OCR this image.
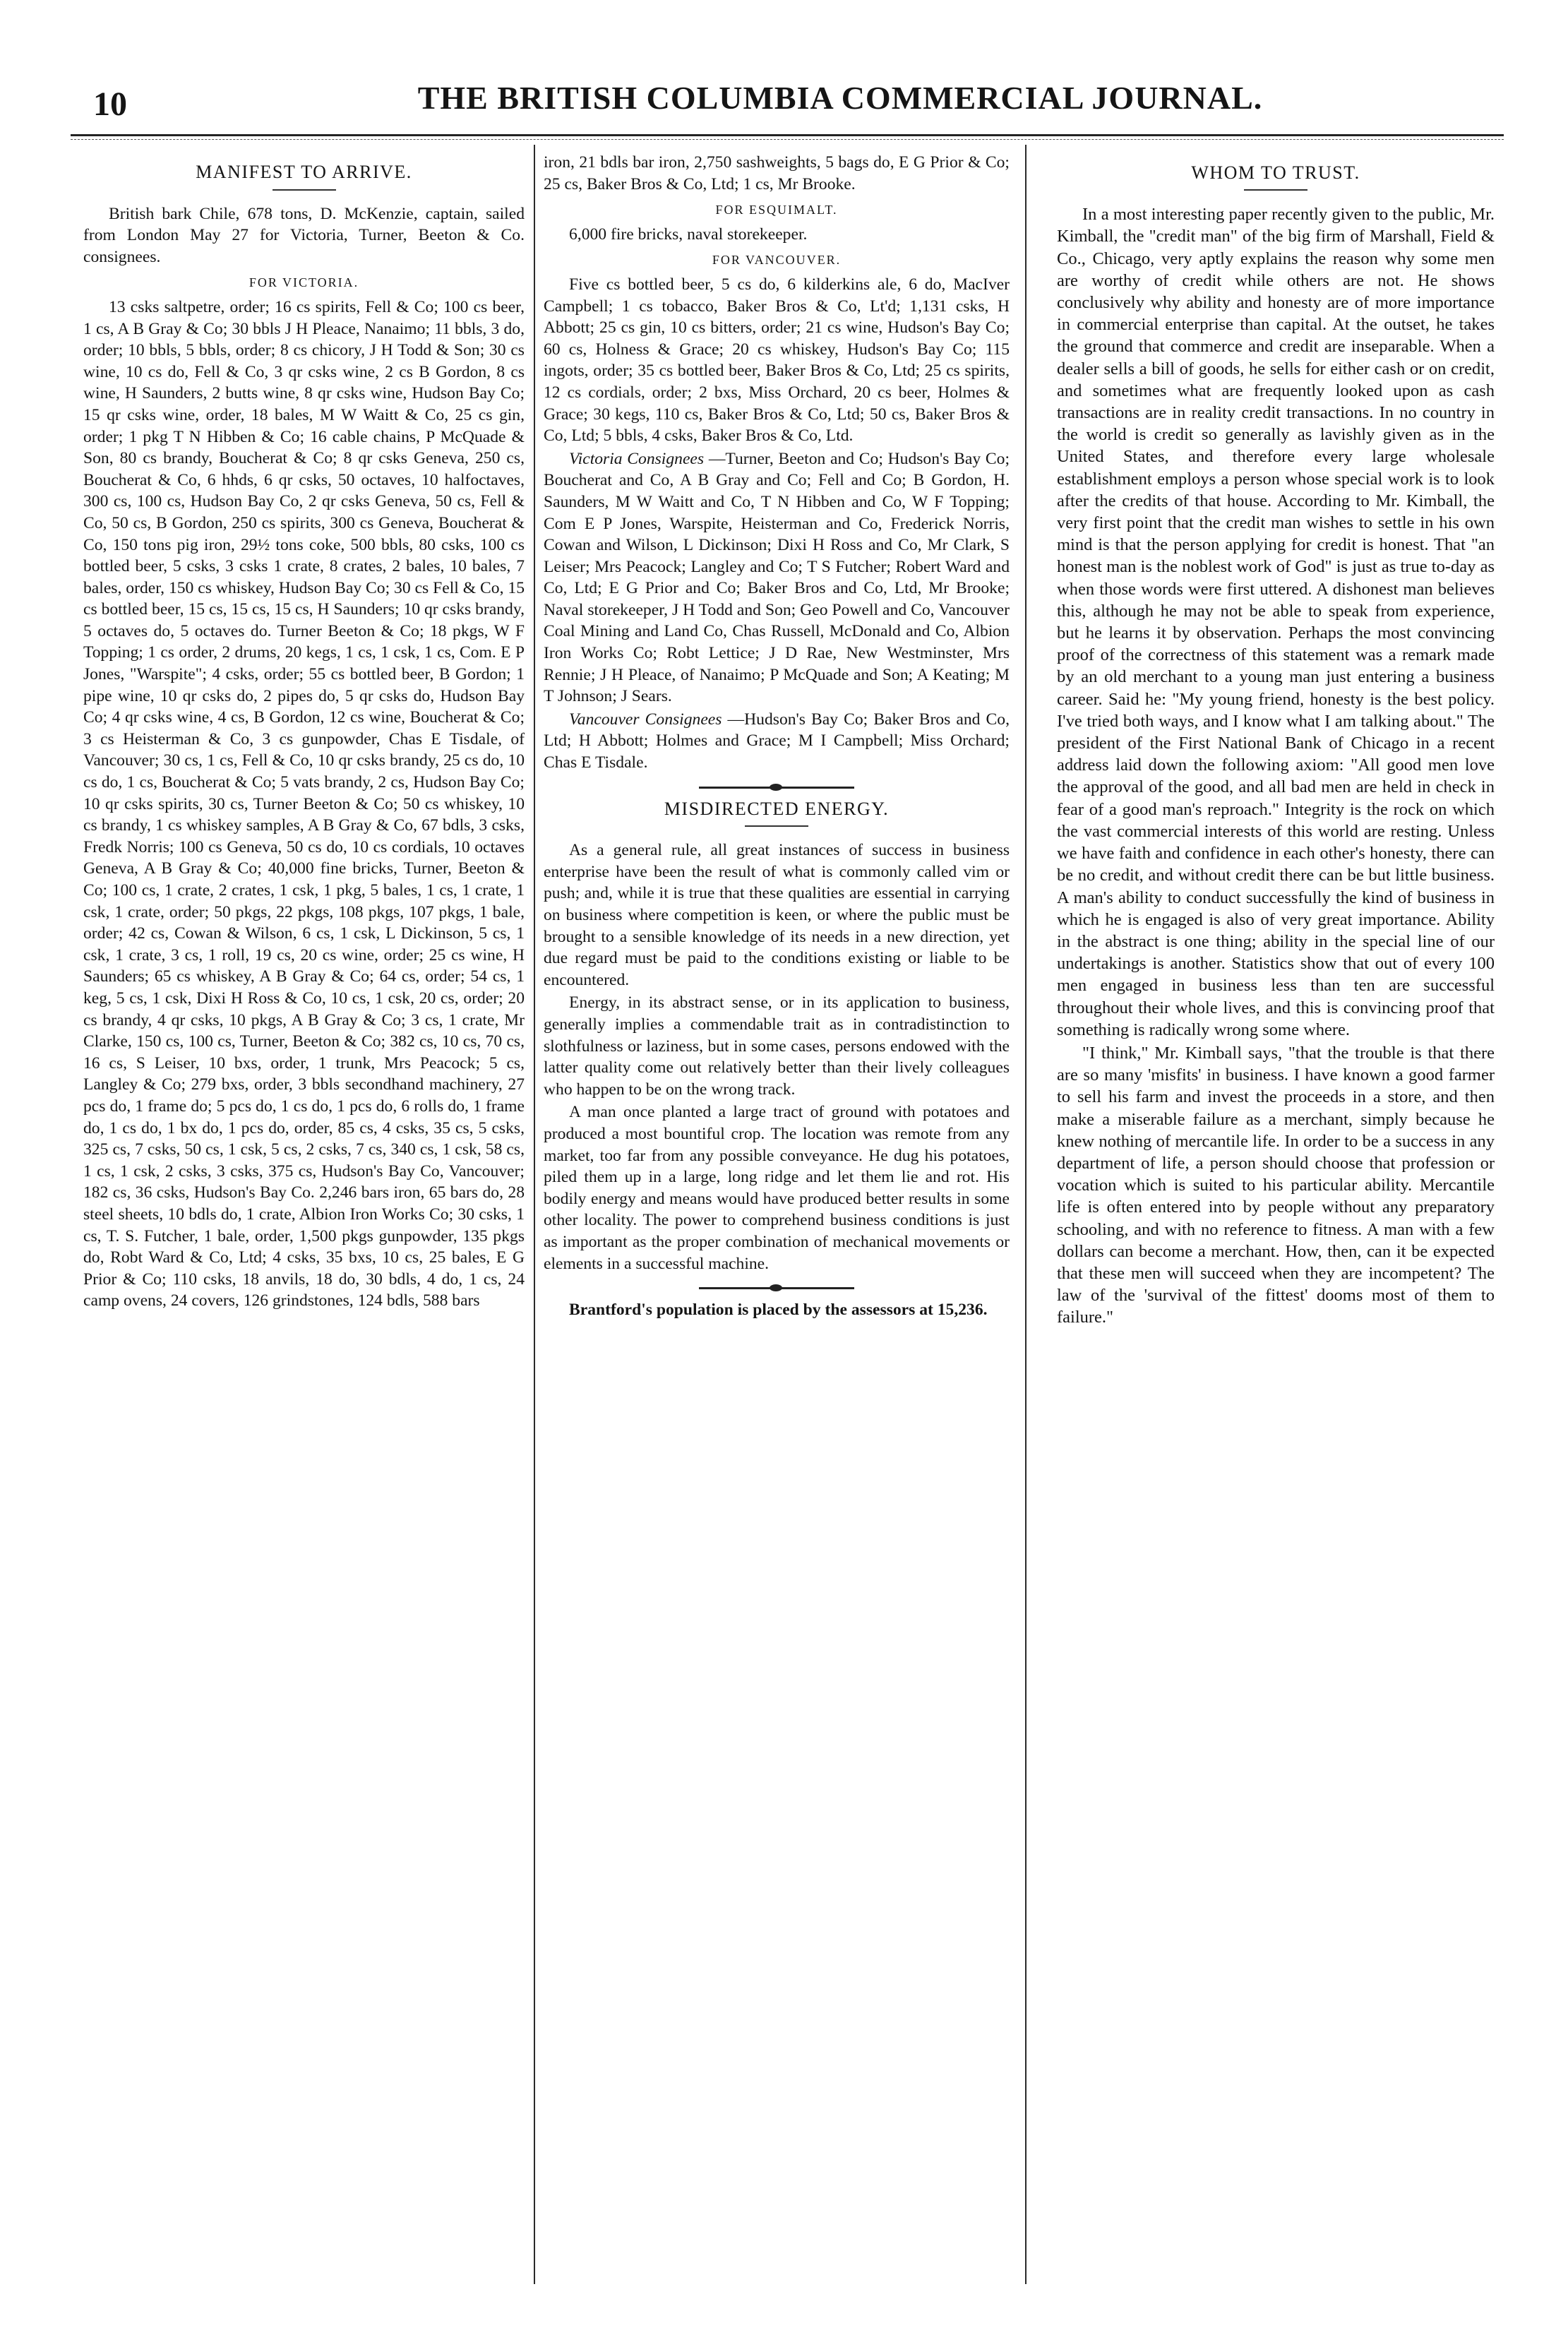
10	THE BRITISH COLUMBIA COMMERCIAL JOURNAL.
MANIFEST TO ARRIVE.

British bark Chile, 678 tons, D. McKenzie, captain, sailed from London May 27 for Victoria, Turner, Beeton & Co. consignees.

FOR VICTORIA.

13 csks saltpetre, order; 16 cs spirits, Fell & Co; 100 cs beer, 1 cs, A B Gray & Co; 30 bbls J H Pleace, Nanaimo; 11 bbls, 3 do, order; 10 bbls, 5 bbls, order; 8 cs chicory, J H Todd & Son; 30 cs wine, 10 cs do, Fell & Co, 3 qr csks wine, 2 cs B Gordon, 8 cs wine, H Saunders, 2 butts wine, 8 qr csks wine, Hudson Bay Co; 15 qr csks wine, order, 18 bales, M W Waitt & Co, 25 cs gin, order; 1 pkg T N Hibben & Co; 16 cable chains, P McQuade & Son, 80 cs brandy, Boucherat & Co; 8 qr csks Geneva, 250 cs, Boucherat & Co, 6 hhds, 6 qr csks, 50 octaves, 10 halfoctaves, 300 cs, 100 cs, Hudson Bay Co, 2 qr csks Geneva, 50 cs, Fell & Co, 50 cs, B Gordon, 250 cs spirits, 300 cs Geneva, Boucherat & Co, 150 tons pig iron, 29½ tons coke, 500 bbls, 80 csks, 100 cs bottled beer, 5 csks, 3 csks 1 crate, 8 crates, 2 bales, 10 bales, 7 bales, order, 150 cs whiskey, Hudson Bay Co; 30 cs Fell & Co, 15 cs bottled beer, 15 cs, 15 cs, 15 cs, H Saunders; 10 qr csks brandy, 5 octaves do, 5 octaves do. Turner Beeton & Co; 18 pkgs, W F Topping; 1 cs order, 2 drums, 20 kegs, 1 cs, 1 csk, 1 cs, Com. E P Jones, "Warspite"; 4 csks, order; 55 cs bottled beer, B Gordon; 1 pipe wine, 10 qr csks do, 2 pipes do, 5 qr csks do, Hudson Bay Co; 4 qr csks wine, 4 cs, B Gordon, 12 cs wine, Boucherat & Co; 3 cs Heisterman & Co, 3 cs gunpowder, Chas E Tisdale, of Vancouver; 30 cs, 1 cs, Fell & Co, 10 qr csks brandy, 25 cs do, 10 cs do, 1 cs, Boucherat & Co; 5 vats brandy, 2 cs, Hudson Bay Co; 10 qr csks spirits, 30 cs, Turner Beeton & Co; 50 cs whiskey, 10 cs brandy, 1 cs whiskey samples, A B Gray & Co, 67 bdls, 3 csks, Fredk Norris; 100 cs Geneva, 50 cs do, 10 cs cordials, 10 octaves Geneva, A B Gray & Co; 40,000 fine bricks, Turner, Beeton & Co; 100 cs, 1 crate, 2 crates, 1 csk, 1 pkg, 5 bales, 1 cs, 1 crate, 1 csk, 1 crate, order; 50 pkgs, 22 pkgs, 108 pkgs, 107 pkgs, 1 bale, order; 42 cs, Cowan & Wilson, 6 cs, 1 csk, L Dickinson, 5 cs, 1 csk, 1 crate, 3 cs, 1 roll, 19 cs, 20 cs wine, order; 25 cs wine, H Saunders; 65 cs whiskey, A B Gray & Co; 64 cs, order; 54 cs, 1 keg, 5 cs, 1 csk, Dixi H Ross & Co, 10 cs, 1 csk, 20 cs, order; 20 cs brandy, 4 qr csks, 10 pkgs, A B Gray & Co; 3 cs, 1 crate, Mr Clarke, 150 cs, 100 cs, Turner, Beeton & Co; 382 cs, 10 cs, 70 cs, 16 cs, S Leiser, 10 bxs, order, 1 trunk, Mrs Peacock; 5 cs, Langley & Co; 279 bxs, order, 3 bbls secondhand machinery, 27 pcs do, 1 frame do; 5 pcs do, 1 cs do, 1 pcs do, 6 rolls do, 1 frame do, 1 cs do, 1 bx do, 1 pcs do, order, 85 cs, 4 csks, 35 cs, 5 csks, 325 cs, 7 csks, 50 cs, 1 csk, 5 cs, 2 csks, 7 cs, 340 cs, 1 csk, 58 cs, 1 cs, 1 csk, 2 csks, 3 csks, 375 cs, Hudson's Bay Co, Vancouver; 182 cs, 36 csks, Hudson's Bay Co. 2,246 bars iron, 65 bars do, 28 steel sheets, 10 bdls do, 1 crate, Albion Iron Works Co; 30 csks, 1 cs, T. S. Futcher, 1 bale, order, 1,500 pkgs gunpowder, 135 pkgs do, Robt Ward & Co, Ltd; 4 csks, 35 bxs, 10 cs, 25 bales, E G Prior & Co; 110 csks, 18 anvils, 18 do, 30 bdls, 4 do, 1 cs, 24 camp ovens, 24 covers, 126 grindstones, 124 bdls, 588 bars

iron, 21 bdls bar iron, 2,750 sashweights, 5 bags do, E G Prior & Co; 25 cs, Baker Bros & Co, Ltd; 1 cs, Mr Brooke.

FOR ESQUIMALT.

6,000 fire bricks, naval storekeeper.

FOR VANCOUVER.

Five cs bottled beer, 5 cs do, 6 kilderkins ale, 6 do, MacIver Campbell; 1 cs tobacco, Baker Bros & Co, Lt'd; 1,131 csks, H Abbott; 25 cs gin, 10 cs bitters, order; 21 cs wine, Hudson's Bay Co; 60 cs, Holness & Grace; 20 cs whiskey, Hudson's Bay Co; 115 ingots, order; 35 cs bottled beer, Baker Bros & Co, Ltd; 25 cs spirits, 12 cs cordials, order; 2 bxs, Miss Orchard, 20 cs beer, Holmes & Grace; 30 kegs, 110 cs, Baker Bros & Co, Ltd; 50 cs, Baker Bros & Co, Ltd; 5 bbls, 4 csks, Baker Bros & Co, Ltd.

Victoria Consignees —Turner, Beeton and Co; Hudson's Bay Co; Boucherat and Co, A B Gray and Co; Fell and Co; B Gordon, H. Saunders, M W Waitt and Co, T N Hibben and Co, W F Topping; Com E P Jones, Warspite, Heisterman and Co, Frederick Norris, Cowan and Wilson, L Dickinson; Dixi H Ross and Co, Mr Clark, S Leiser; Mrs Peacock; Langley and Co; T S Futcher; Robert Ward and Co, Ltd; E G Prior and Co; Baker Bros and Co, Ltd, Mr Brooke; Naval storekeeper, J H Todd and Son; Geo Powell and Co, Vancouver Coal Mining and Land Co, Chas Russell, McDonald and Co, Albion Iron Works Co; Robt Lettice; J D Rae, New Westminster, Mrs Rennie; J H Pleace, of Nanaimo; P McQuade and Son; A Keating; M T Johnson; J Sears.

Vancouver Consignees —Hudson's Bay Co; Baker Bros and Co, Ltd; H Abbott; Holmes and Grace; M I Campbell; Miss Orchard; Chas E Tisdale.

MISDIRECTED ENERGY.

As a general rule, all great instances of success in business enterprise have been the result of what is commonly called vim or push; and, while it is true that these qualities are essential in carrying on business where competition is keen, or where the public must be brought to a sensible knowledge of its needs in a new direction, yet due regard must be paid to the conditions existing or liable to be encountered.

Energy, in its abstract sense, or in its application to business, generally implies a commendable trait as in contradistinction to slothfulness or laziness, but in some cases, persons endowed with the latter quality come out relatively better than their lively colleagues who happen to be on the wrong track.

A man once planted a large tract of ground with potatoes and produced a most bountiful crop. The location was remote from any market, too far from any possible conveyance. He dug his potatoes, piled them up in a large, long ridge and let them lie and rot. His bodily energy and means would have produced better results in some other locality. The power to comprehend business conditions is just as important as the proper combination of mechanical movements or elements in a successful machine.

Brantford's population is placed by the assessors at 15,236.

WHOM TO TRUST.

In a most interesting paper recently given to the public, Mr. Kimball, the "credit man" of the big firm of Marshall, Field & Co., Chicago, very aptly explains the reason why some men are worthy of credit while others are not. He shows conclusively why ability and honesty are of more importance in commercial enterprise than capital. At the outset, he takes the ground that commerce and credit are inseparable. When a dealer sells a bill of goods, he sells for either cash or on credit, and sometimes what are frequently looked upon as cash transactions are in reality credit transactions. In no country in the world is credit so generally as lavishly given as in the United States, and therefore every large wholesale establishment employs a person whose special work is to look after the credits of that house. According to Mr. Kimball, the very first point that the credit man wishes to settle in his own mind is that the person applying for credit is honest. That "an honest man is the noblest work of God" is just as true to-day as when those words were first uttered. A dishonest man believes this, although he may not be able to speak from experience, but he learns it by observation. Perhaps the most convincing proof of the correctness of this statement was a remark made by an old merchant to a young man just entering a business career. Said he: "My young friend, honesty is the best policy. I've tried both ways, and I know what I am talking about." The president of the First National Bank of Chicago in a recent address laid down the following axiom: "All good men love the approval of the good, and all bad men are held in check in fear of a good man's reproach." Integrity is the rock on which the vast commercial interests of this world are resting. Unless we have faith and confidence in each other's honesty, there can be no credit, and without credit there can be but little business. A man's ability to conduct successfully the kind of business in which he is engaged is also of very great importance. Ability in the abstract is one thing; ability in the special line of our undertakings is another. Statistics show that out of every 100 men engaged in business less than ten are successful throughout their whole lives, and this is convincing proof that something is radically wrong some where.

"I think," Mr. Kimball says, "that the trouble is that there are so many 'misfits' in business. I have known a good farmer to sell his farm and invest the proceeds in a store, and then make a miserable failure as a merchant, simply because he knew nothing of mercantile life. In order to be a success in any department of life, a person should choose that profession or vocation which is suited to his particular ability. Mercantile life is often entered into by people without any preparatory schooling, and with no reference to fitness. A man with a few dollars can become a merchant. How, then, can it be expected that these men will succeed when they are incompetent? The law of the 'survival of the fittest' dooms most of them to failure."
